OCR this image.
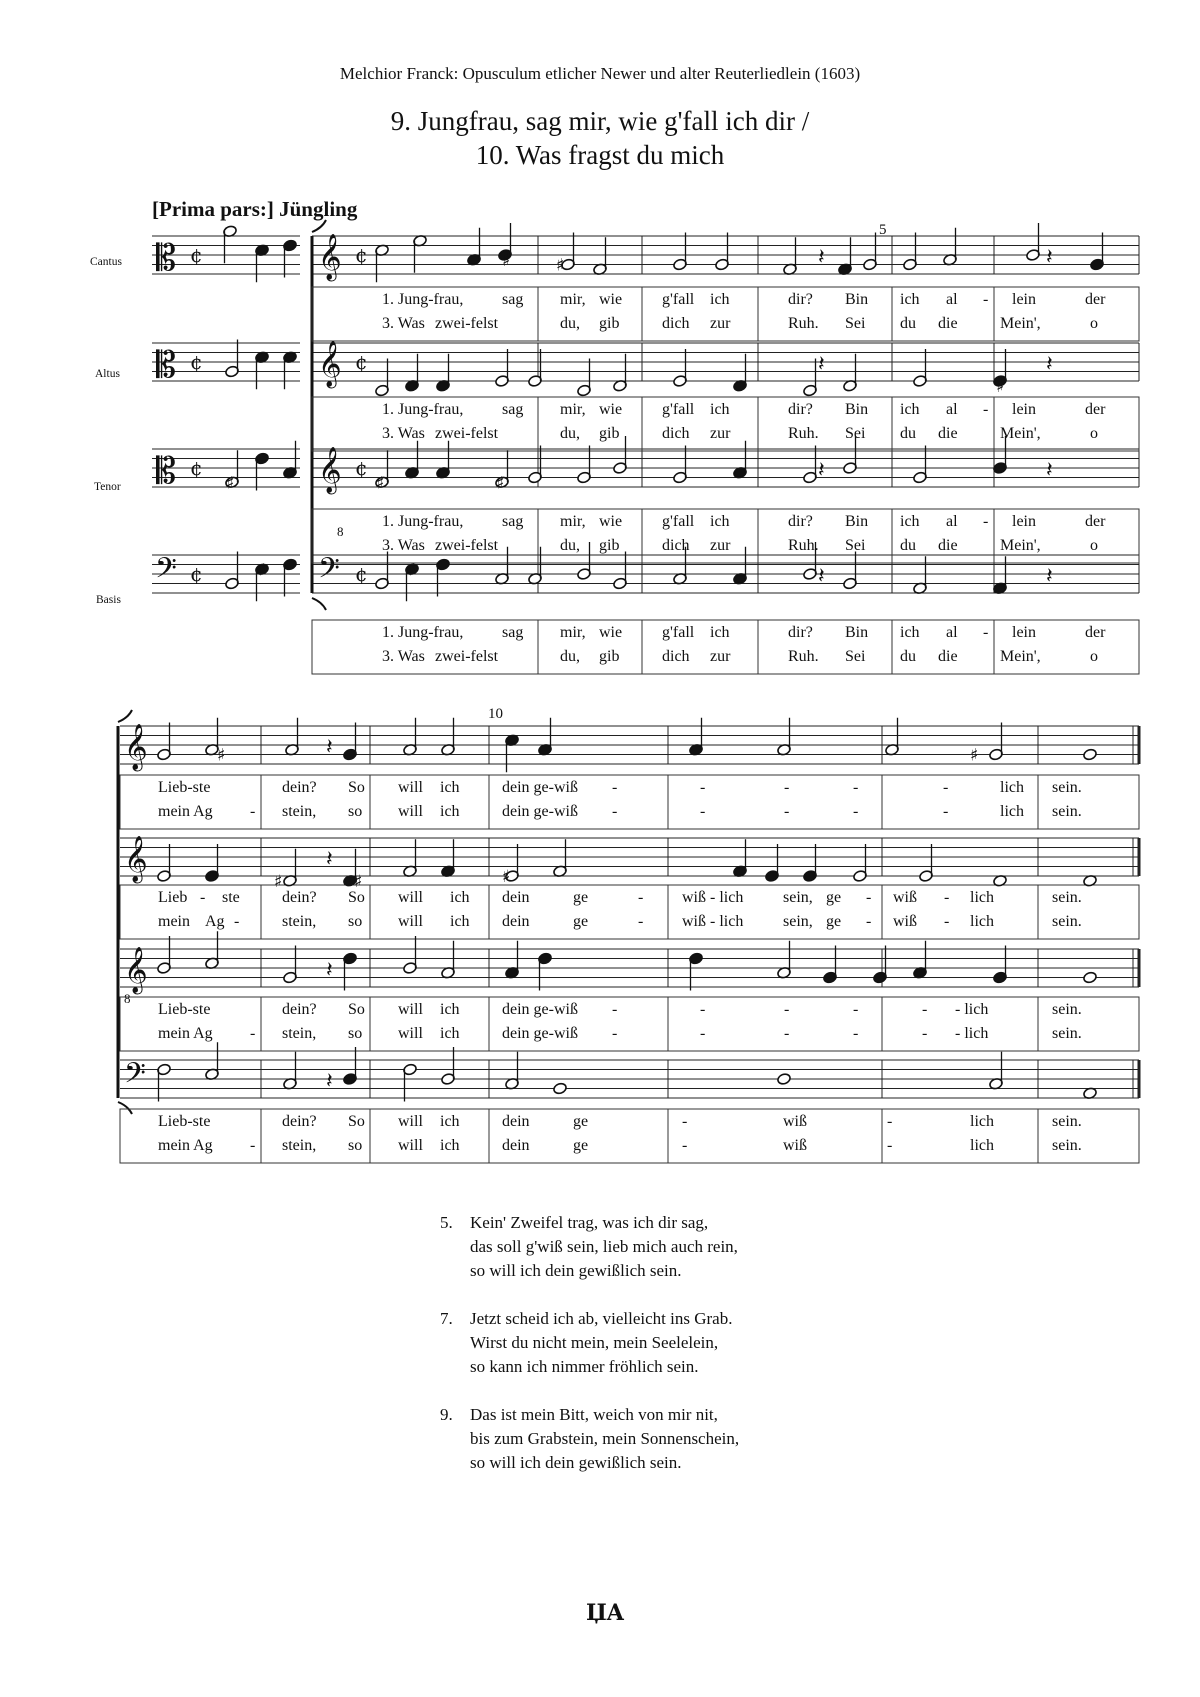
Melchior Franck: Opusculum etlicher Newer und alter Reuterliedlein (1603)
9. Jungfrau, sag mir, wie g'fall ich dir /
10. Was fragst du mich
[Prima pars:] Jüngling
Cantus
Altus
Tenor
Basis
5
10
8
8
𝄡	𝄞
¢	¢
𝄡	𝄞
¢	¢
𝄡	𝄞
¢	¢
𝄢	𝄢
¢	¢
𝄞
𝄞
𝄞
𝄢
𝄽	𝄽
𝄽	𝄽
𝄽	𝄽
𝄽	𝄽
♯
♯
♯	♯	♯
♯	♯
♯
𝄽
𝄽
𝄽
𝄽
♯	♯
♯	♯	♯
1. Jung-frau, sag mir, wie g'fall ich	dir? Bin ich al - lein	der
3. Was zwei-felst	du, gib	dich zur	Ruh. Sei du die	Mein',	o
1. Jung-frau, sag mir, wie g'fall ich	dir? Bin ich al - lein	der
3. Was zwei-felst	du, gib	dich zur	Ruh. Sei du die	Mein',	o
1. Jung-frau, sag mir, wie g'fall ich	dir? Bin ich al - lein	der
3. Was zwei-felst	du, gib	dich zur	Ruh. Sei du die	Mein',	o
1. Jung-frau, sag mir, wie g'fall ich	dir? Bin ich al - lein	der
3. Was zwei-felst	du, gib	dich zur	Ruh. Sei du die	Mein',	o
Lieb-ste	dein? So will ich	dein ge-wiß -	-	-	-	-	lich sein.
mein Ag - stein, so will ich	dein ge-wiß -	-	-	-	-	lich sein.
Lieb - ste	dein? So will ich dein	ge	- wiß - lich sein, ge - wiß - lich	sein.
mein Ag -	stein, so will ich dein	ge	- wiß - lich sein, ge - wiß - lich	sein.
Lieb-ste	dein? So will ich	dein ge-wiß -	-	-	-	- - lich	sein.
mein Ag - stein, so will ich	dein ge-wiß -	-	-	-	- - lich	sein.
Lieb-ste	dein? So will ich	dein	ge	-	wiß	-	lich	sein.
mein Ag - stein, so will ich	dein	ge	-	wiß	-	lich	sein.
5.	Kein' Zweifel trag, was ich dir sag,
das soll g'wiß sein, lieb mich auch rein,
so will ich dein gewißlich sein.
7.	Jetzt scheid ich ab, vielleicht ins Grab.
Wirst du nicht mein, mein Seelelein,
so kann ich nimmer fröhlich sein.
9.	Das ist mein Bitt, weich von mir nit,
bis zum Grabstein, mein Sonnenschein,
so will ich dein gewißlich sein.
ЏA
